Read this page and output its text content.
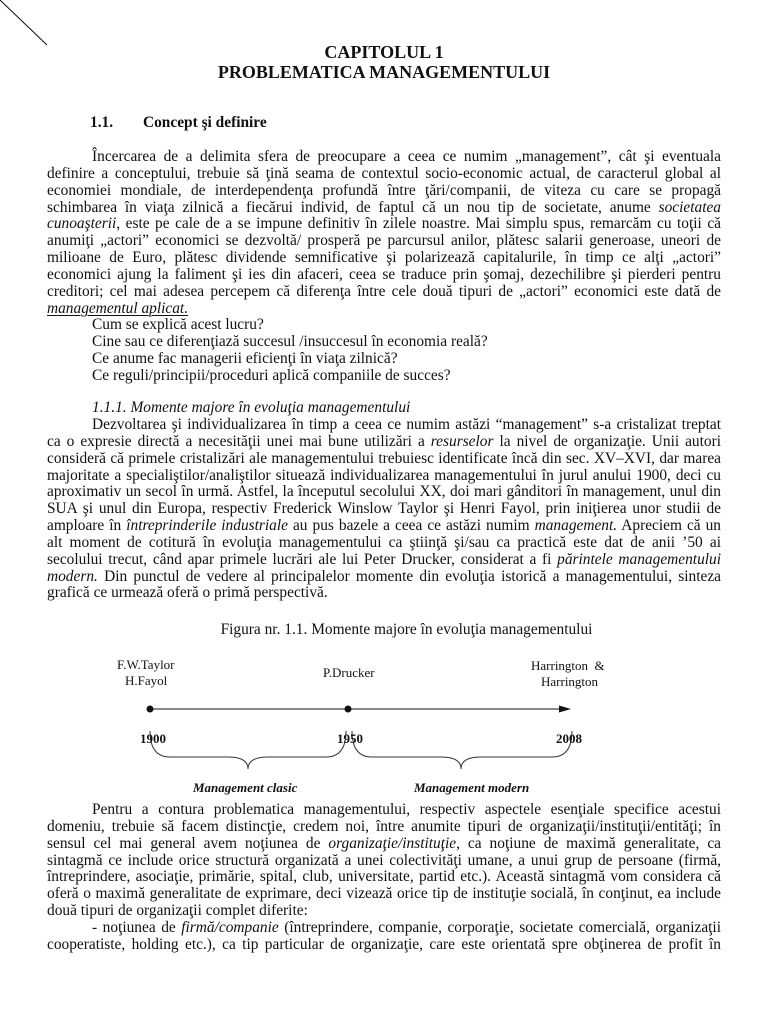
CAPITOLUL 1
PROBLEMATICA MANAGEMENTULUI
1.1. Concept şi definire
Încercarea de a delimita sfera de preocupare a ceea ce numim „management”, cât şi eventuala
definire a conceptului, trebuie să ţină seama de contextul socio-economic actual, de caracterul global al
economiei mondiale, de interdependenţa profundă între ţări/companii, de viteza cu care se propagă
schimbarea în viaţa zilnică a fiecărui individ, de faptul că un nou tip de societate, anume societatea
cunoaşterii, este pe cale de a se impune definitiv în zilele noastre. Mai simplu spus, remarcăm cu toţii că
anumiţi „actori” economici se dezvoltă/ prosperă pe parcursul anilor, plătesc salarii generoase, uneori de
milioane de Euro, plătesc dividende semnificative şi polarizează capitalurile, în timp ce alţi „actori”
economici ajung la faliment şi ies din afaceri, ceea se traduce prin şomaj, dezechilibre şi pierderi pentru
creditori; cel mai adesea percepem că diferenţa între cele două tipuri de „actori” economici este dată de
managementul aplicat.
Cum se explică acest lucru?
Cine sau ce diferenţiază succesul /insuccesul în economia reală?
Ce anume fac managerii eficienţi în viaţa zilnică?
Ce reguli/principii/proceduri aplică companiile de succes?
1.1.1. Momente majore în evoluţia managementului
Dezvoltarea şi individualizarea în timp a ceea ce numim astăzi “management” s-a cristalizat treptat
ca o expresie directă a necesităţii unei mai bune utilizări a resurselor la nivel de organizaţie. Unii autori
consideră că primele cristalizări ale managementului trebuiesc identificate încă din sec. XV–XVI, dar marea
majoritate a specialiştilor/analiştilor situează individualizarea managementului în jurul anului 1900, deci cu
aproximativ un secol în urmă. Astfel, la începutul secolului XX, doi mari gânditori în management, unul din
SUA şi unul din Europa, respectiv Frederick Winslow Taylor şi Henri Fayol, prin iniţierea unor studii de
amploare în întreprinderile industriale au pus bazele a ceea ce astăzi numim management. Apreciem că un
alt moment de cotitură în evoluţia managementului ca ştiinţă şi/sau ca practică este dat de anii ’50 ai
secolului trecut, când apar primele lucrări ale lui Peter Drucker, considerat a fi părintele managementului
modern. Din punctul de vedere al principalelor momente din evoluţia istorică a managementului, sinteza
grafică ce urmează oferă o primă perspectivă.
Figura nr. 1.1. Momente majore în evoluţia managementului
F.W.Taylor
H.Fayol
P.Drucker	Harrington  &
Harrington
1900	1950	2008
Management clasic	Management modern
Pentru a contura problematica managementului, respectiv aspectele esenţiale specifice acestui
domeniu, trebuie să facem distincţie, credem noi, între anumite tipuri de organizaţii/instituţii/entităţi; în
sensul cel mai general avem noţiunea de organizaţie/instituţie, ca noţiune de maximă generalitate, ca
sintagmă ce include orice structură organizată a unei colectivităţi umane, a unui grup de persoane (firmă,
întreprindere, asociaţie, primărie, spital, club, universitate, partid etc.). Această sintagmă vom considera că
oferă o maximă generalitate de exprimare, deci vizează orice tip de instituţie socială, în conţinut, ea include
două tipuri de organizaţii complet diferite:
- noţiunea de firmă/companie (întreprindere, companie, corporaţie, societate comercială, organizaţii
cooperatiste, holding etc.), ca tip particular de organizaţie, care este orientată spre obţinerea de profit în
